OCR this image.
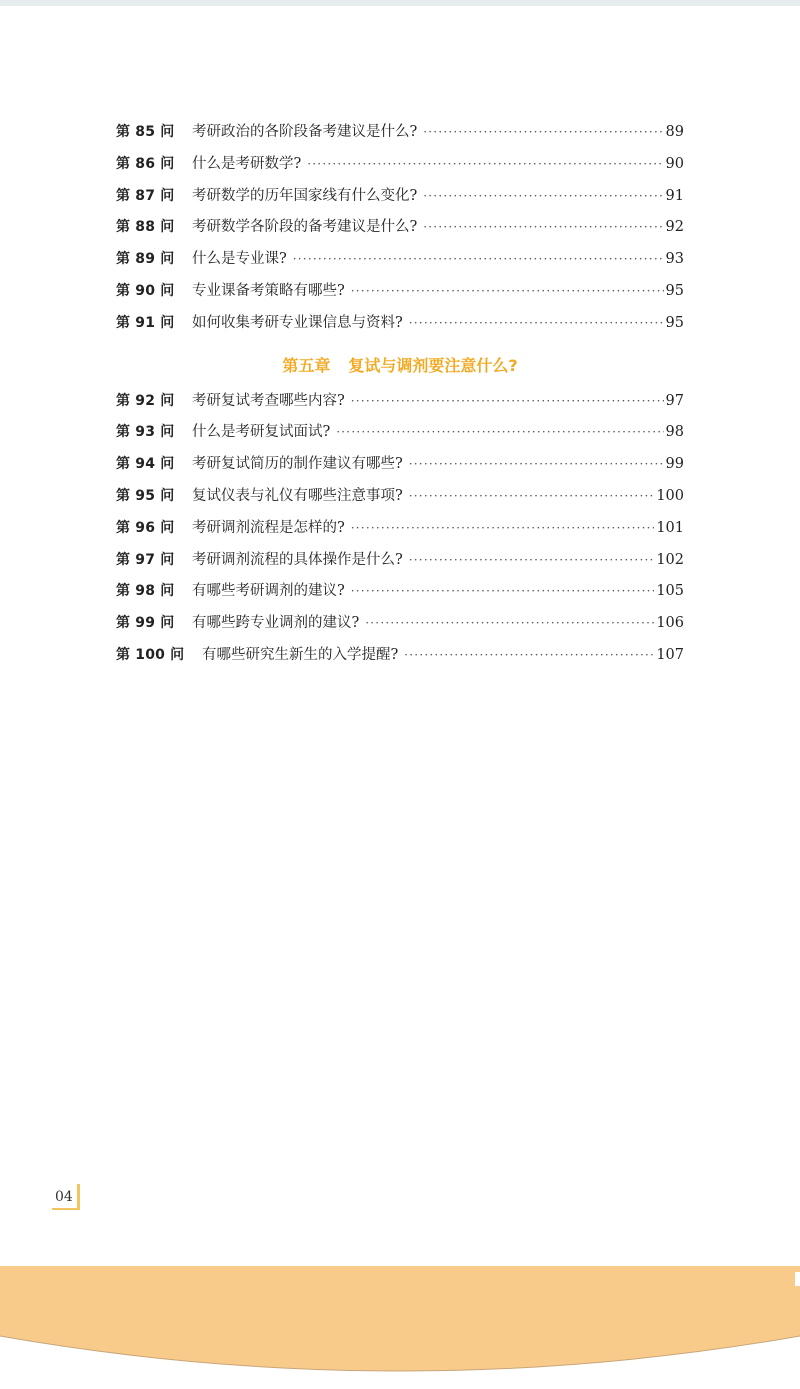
第 85 问	考研政治的各阶段备考建议是什么? ·····	89
第 86 问	什么是考研数学? ·····	90
第 87 问	考研数学的历年国家线有什么变化? ·····	91
第 88 问	考研数学各阶段的备考建议是什么? ·····	92
第 89 问	什么是专业课? ·····	93
第 90 问	专业课备考策略有哪些? ·····	95
第 91 问	如何收集考研专业课信息与资料? ·····	95
第五章 复试与调剂要注意什么?
第 92 问	考研复试考查哪些内容? ·····	97
第 93 问	什么是考研复试面试? ·····	98
第 94 问	考研复试简历的制作建议有哪些? ·····	99
第 95 问	复试仪表与礼仪有哪些注意事项? ·····	100
第 96 问	考研调剂流程是怎样的? ·····	101
第 97 问	考研调剂流程的具体操作是什么? ·····	102
第 98 问	有哪些考研调剂的建议? ·····	105
第 99 问	有哪些跨专业调剂的建议? ·····	106
第 100 问	有哪些研究生新生的入学提醒? ·····	107
04
